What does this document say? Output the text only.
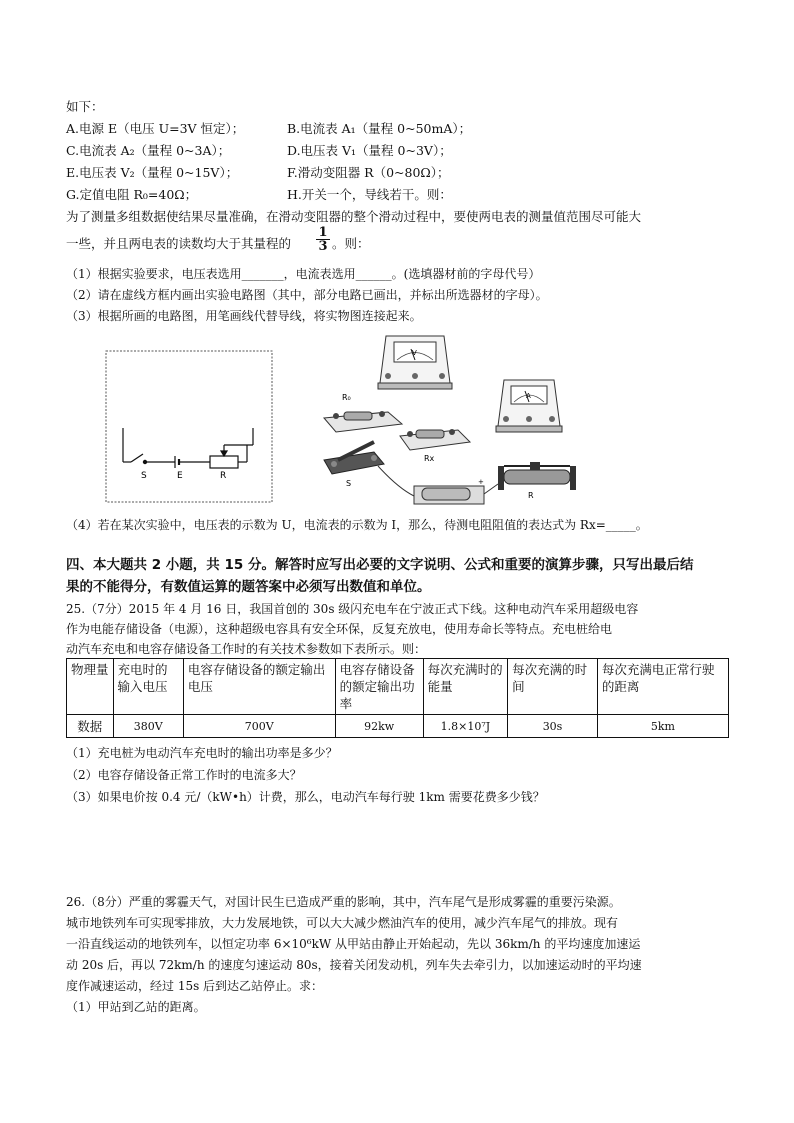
如下：
A.电源 E（电压 U=3V 恒定）；	B.电流表 A₁（量程 0~50mA）；
C.电流表 A₂（量程 0~3A）；	D.电压表 V₁（量程 0~3V）；
E.电压表 V₂（量程 0~15V）；	F.滑动变阻器 R（0~80Ω）；
G.定值电阻 R₀=40Ω；	H.开关一个，导线若干。则：
为了测量多组数据使结果尽量准确，在滑动变阻器的整个滑动过程中，要使两电表的测量值范围尽可能大
一些，并且两电表的读数均大于其量程的 $\frac{1}{3}$ 。则：
（1）根据实验要求，电压表选用_______，电流表选用______。(选填器材前的字母代号）
（2）请在虚线方框内画出实验电路图（其中，部分电路已画出，并标出所选器材的字母）。
（3）根据所画的电路图，用笔画线代替导线，将实物图连接起来。
S	E	R
V
A
R₀
Rx
S	+
R
（4）若在某次实验中，电压表的示数为 U，电流表的示数为 I，那么，待测电阻阻值的表达式为 Rx=_____。
四、本大题共 2 小题，共 15 分。解答时应写出必要的文字说明、公式和重要的演算步骤，只写出最后结
果的不能得分，有数值运算的题答案中必须写出数值和单位。
25.（7分）2015 年 4 月 16 日，我国首创的 30s 级闪充电车在宁波正式下线。这种电动汽车采用超级电容
作为电能存储设备（电源），这种超级电容具有安全环保，反复充放电，使用寿命长等特点。充电桩给电
动汽车充电和电容存储设备工作时的有关技术参数如下表所示。则：
物理量	充电时的输入电压	电容存储设备的额定输出电压	电容存储设备的额定输出功率	每次充满时的能量	每次充满的时间	每次充满电正常行驶的距离
数据	380V	700V	92kw	1.8×10⁷J	30s	5km
（1）充电桩为电动汽车充电时的输出功率是多少？
（2）电容存储设备正常工作时的电流多大？
（3）如果电价按 0.4 元/（kW•h）计费，那么，电动汽车每行驶 1km 需要花费多少钱？
26.（8分）严重的雾霾天气，对国计民生已造成严重的影响，其中，汽车尾气是形成雾霾的重要污染源。
城市地铁列车可实现零排放，大力发展地铁，可以大大减少燃油汽车的使用，减少汽车尾气的排放。现有
一沿直线运动的地铁列车，以恒定功率 6×10⁶kW 从甲站由静止开始起动，先以 36km/h 的平均速度加速运
动 20s 后，再以 72km/h 的速度匀速运动 80s，接着关闭发动机，列车失去牵引力，以加速运动时的平均速
度作减速运动，经过 15s 后到达乙站停止。求：
（1）甲站到乙站的距离。
